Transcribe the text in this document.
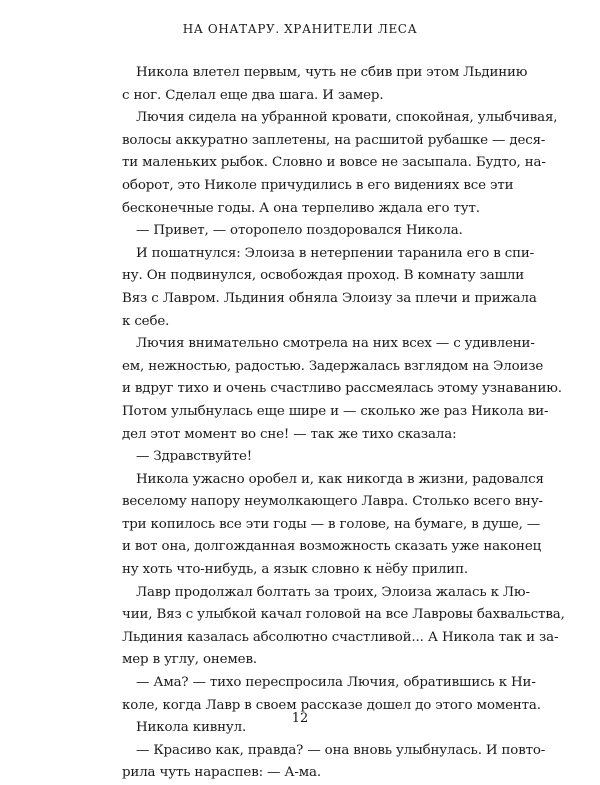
НА ОНАТАРУ. ХРАНИТЕЛИ ЛЕСА
Никола влетел первым, чуть не сбив при этом Льдинию
с ног. Сделал еще два шага. И замер.
Лючия сидела на убранной кровати, спокойная, улыбчивая,
волосы аккуратно заплетены, на расшитой рубашке — деся-
ти маленьких рыбок. Словно и вовсе не засыпала. Будто, на-
оборот, это Николе причудились в его видениях все эти
бесконечные годы. А она терпеливо ждала его тут.
— Привет, — оторопело поздоровался Никола.
И пошатнулся: Элоиза в нетерпении таранила его в спи-
ну. Он подвинулся, освобождая проход. В комнату зашли
Вяз с Лавром. Льдиния обняла Элоизу за плечи и прижала
к себе.
Лючия внимательно смотрела на них всех — с удивлени-
ем, нежностью, радостью. Задержалась взглядом на Элоизе
и вдруг тихо и очень счастливо рассмеялась этому узнаванию.
Потом улыбнулась еще шире и — сколько же раз Никола ви-
дел этот момент во сне! — так же тихо сказала:
— Здравствуйте!
Никола ужасно оробел и, как никогда в жизни, радовался
веселому напору неумолкающего Лавра. Столько всего вну-
три копилось все эти годы — в голове, на бумаге, в душе, —
и вот она, долгожданная возможность сказать уже наконец
ну хоть что-нибудь, а язык словно к нёбу прилип.
Лавр продолжал болтать за троих, Элоиза жалась к Лю-
чии, Вяз с улыбкой качал головой на все Лавровы бахвальства,
Льдиния казалась абсолютно счастливой... А Никола так и за-
мер в углу, онемев.
— Ама? — тихо переспросила Лючия, обратившись к Ни-
коле, когда Лавр в своем рассказе дошел до этого момента.
Никола кивнул.
— Красиво как, правда? — она вновь улыбнулась. И повто-
рила чуть нараспев: — А-ма.
12
